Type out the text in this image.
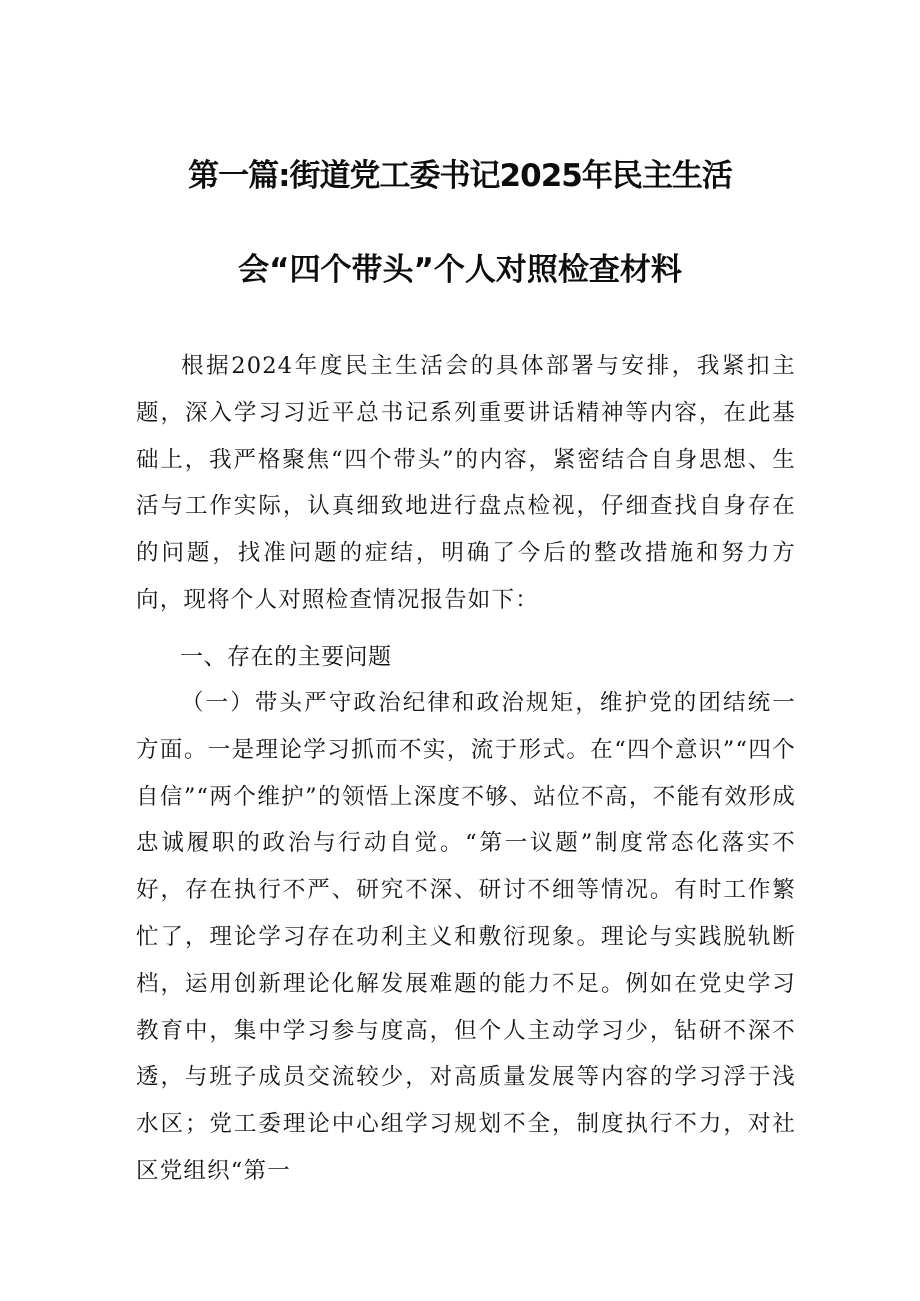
第一篇:街道党工委书记2025年民主生活
会“四个带头”个人对照检查材料

根据2024年度民主生活会的具体部署与安排，我紧扣主题，深入学习习近平总书记系列重要讲话精神等内容，在此基础上，我严格聚焦“四个带头”的内容，紧密结合自身思想、生活与工作实际，认真细致地进行盘点检视，仔细查找自身存在的问题，找准问题的症结，明确了今后的整改措施和努力方向，现将个人对照检查情况报告如下：

一、存在的主要问题

（一）带头严守政治纪律和政治规矩，维护党的团结统一方面。一是理论学习抓而不实，流于形式。在“四个意识”“四个自信”“两个维护”的领悟上深度不够、站位不高，不能有效形成忠诚履职的政治与行动自觉。“第一议题”制度常态化落实不好，存在执行不严、研究不深、研讨不细等情况。有时工作繁忙了，理论学习存在功利主义和敷衍现象。理论与实践脱轨断档，运用创新理论化解发展难题的能力不足。例如在党史学习教育中，集中学习参与度高，但个人主动学习少，钻研不深不透，与班子成员交流较少，对高质量发展等内容的学习浮于浅水区；党工委理论中心组学习规划不全，制度执行不力，对社区党组织“第一
